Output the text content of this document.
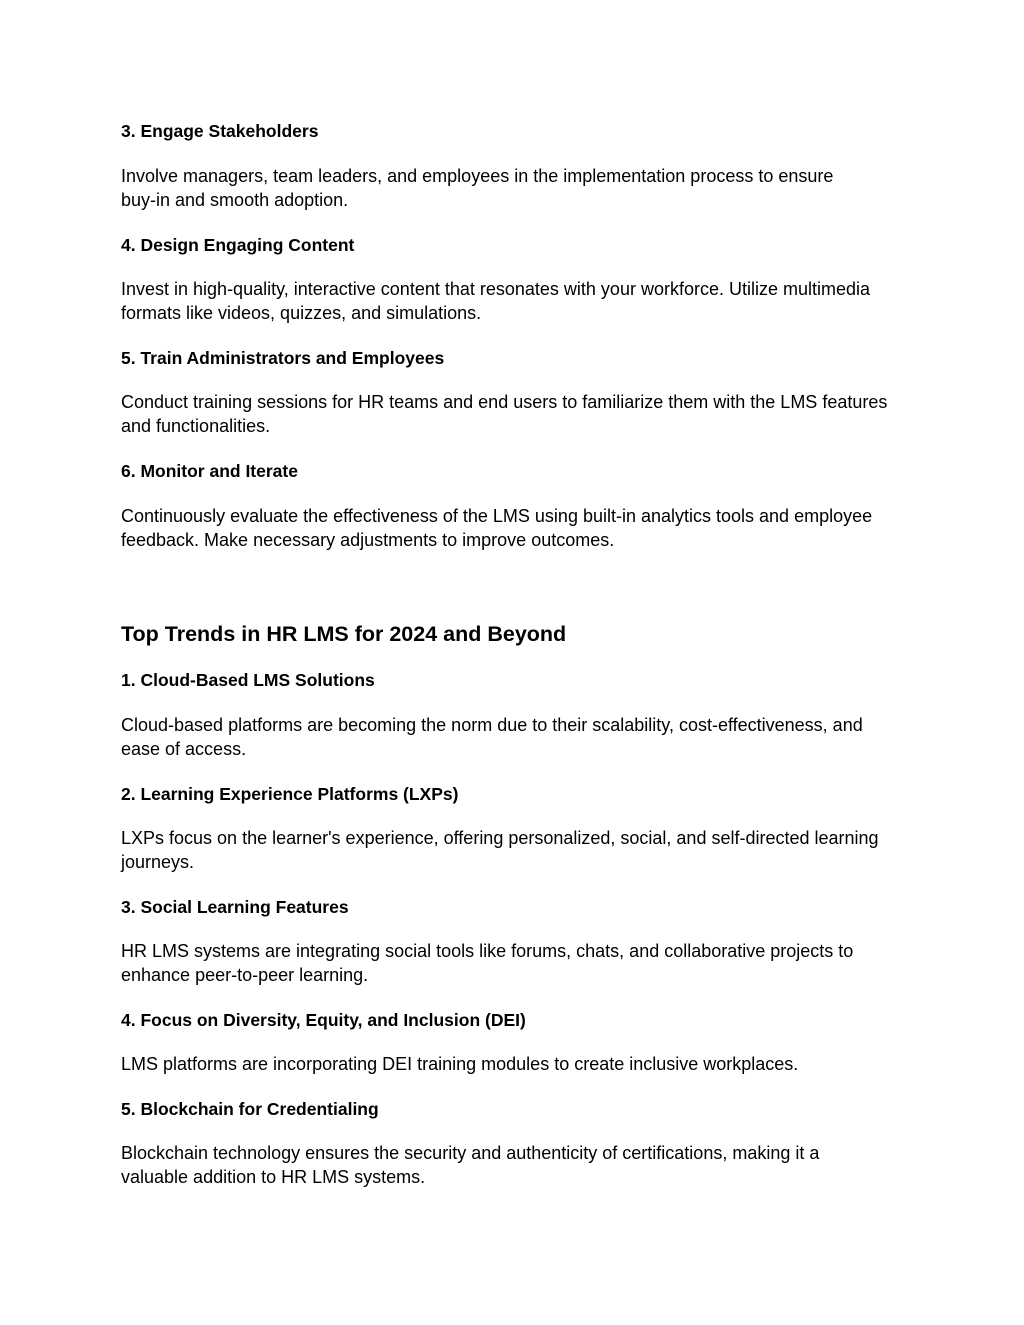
3. Engage Stakeholders

Involve managers, team leaders, and employees in the implementation process to ensure

buy-in and smooth adoption.

4. Design Engaging Content

Invest in high-quality, interactive content that resonates with your workforce. Utilize multimedia

formats like videos, quizzes, and simulations.

5. Train Administrators and Employees

Conduct training sessions for HR teams and end users to familiarize them with the LMS features

and functionalities.

6. Monitor and Iterate

Continuously evaluate the effectiveness of the LMS using built-in analytics tools and employee

feedback. Make necessary adjustments to improve outcomes.

Top Trends in HR LMS for 2024 and Beyond

1. Cloud-Based LMS Solutions

Cloud-based platforms are becoming the norm due to their scalability, cost-effectiveness, and

ease of access.

2. Learning Experience Platforms (LXPs)

LXPs focus on the learner's experience, offering personalized, social, and self-directed learning

journeys.

3. Social Learning Features

HR LMS systems are integrating social tools like forums, chats, and collaborative projects to

enhance peer-to-peer learning.

4. Focus on Diversity, Equity, and Inclusion (DEI)

LMS platforms are incorporating DEI training modules to create inclusive workplaces.

5. Blockchain for Credentialing

Blockchain technology ensures the security and authenticity of certifications, making it a

valuable addition to HR LMS systems.
